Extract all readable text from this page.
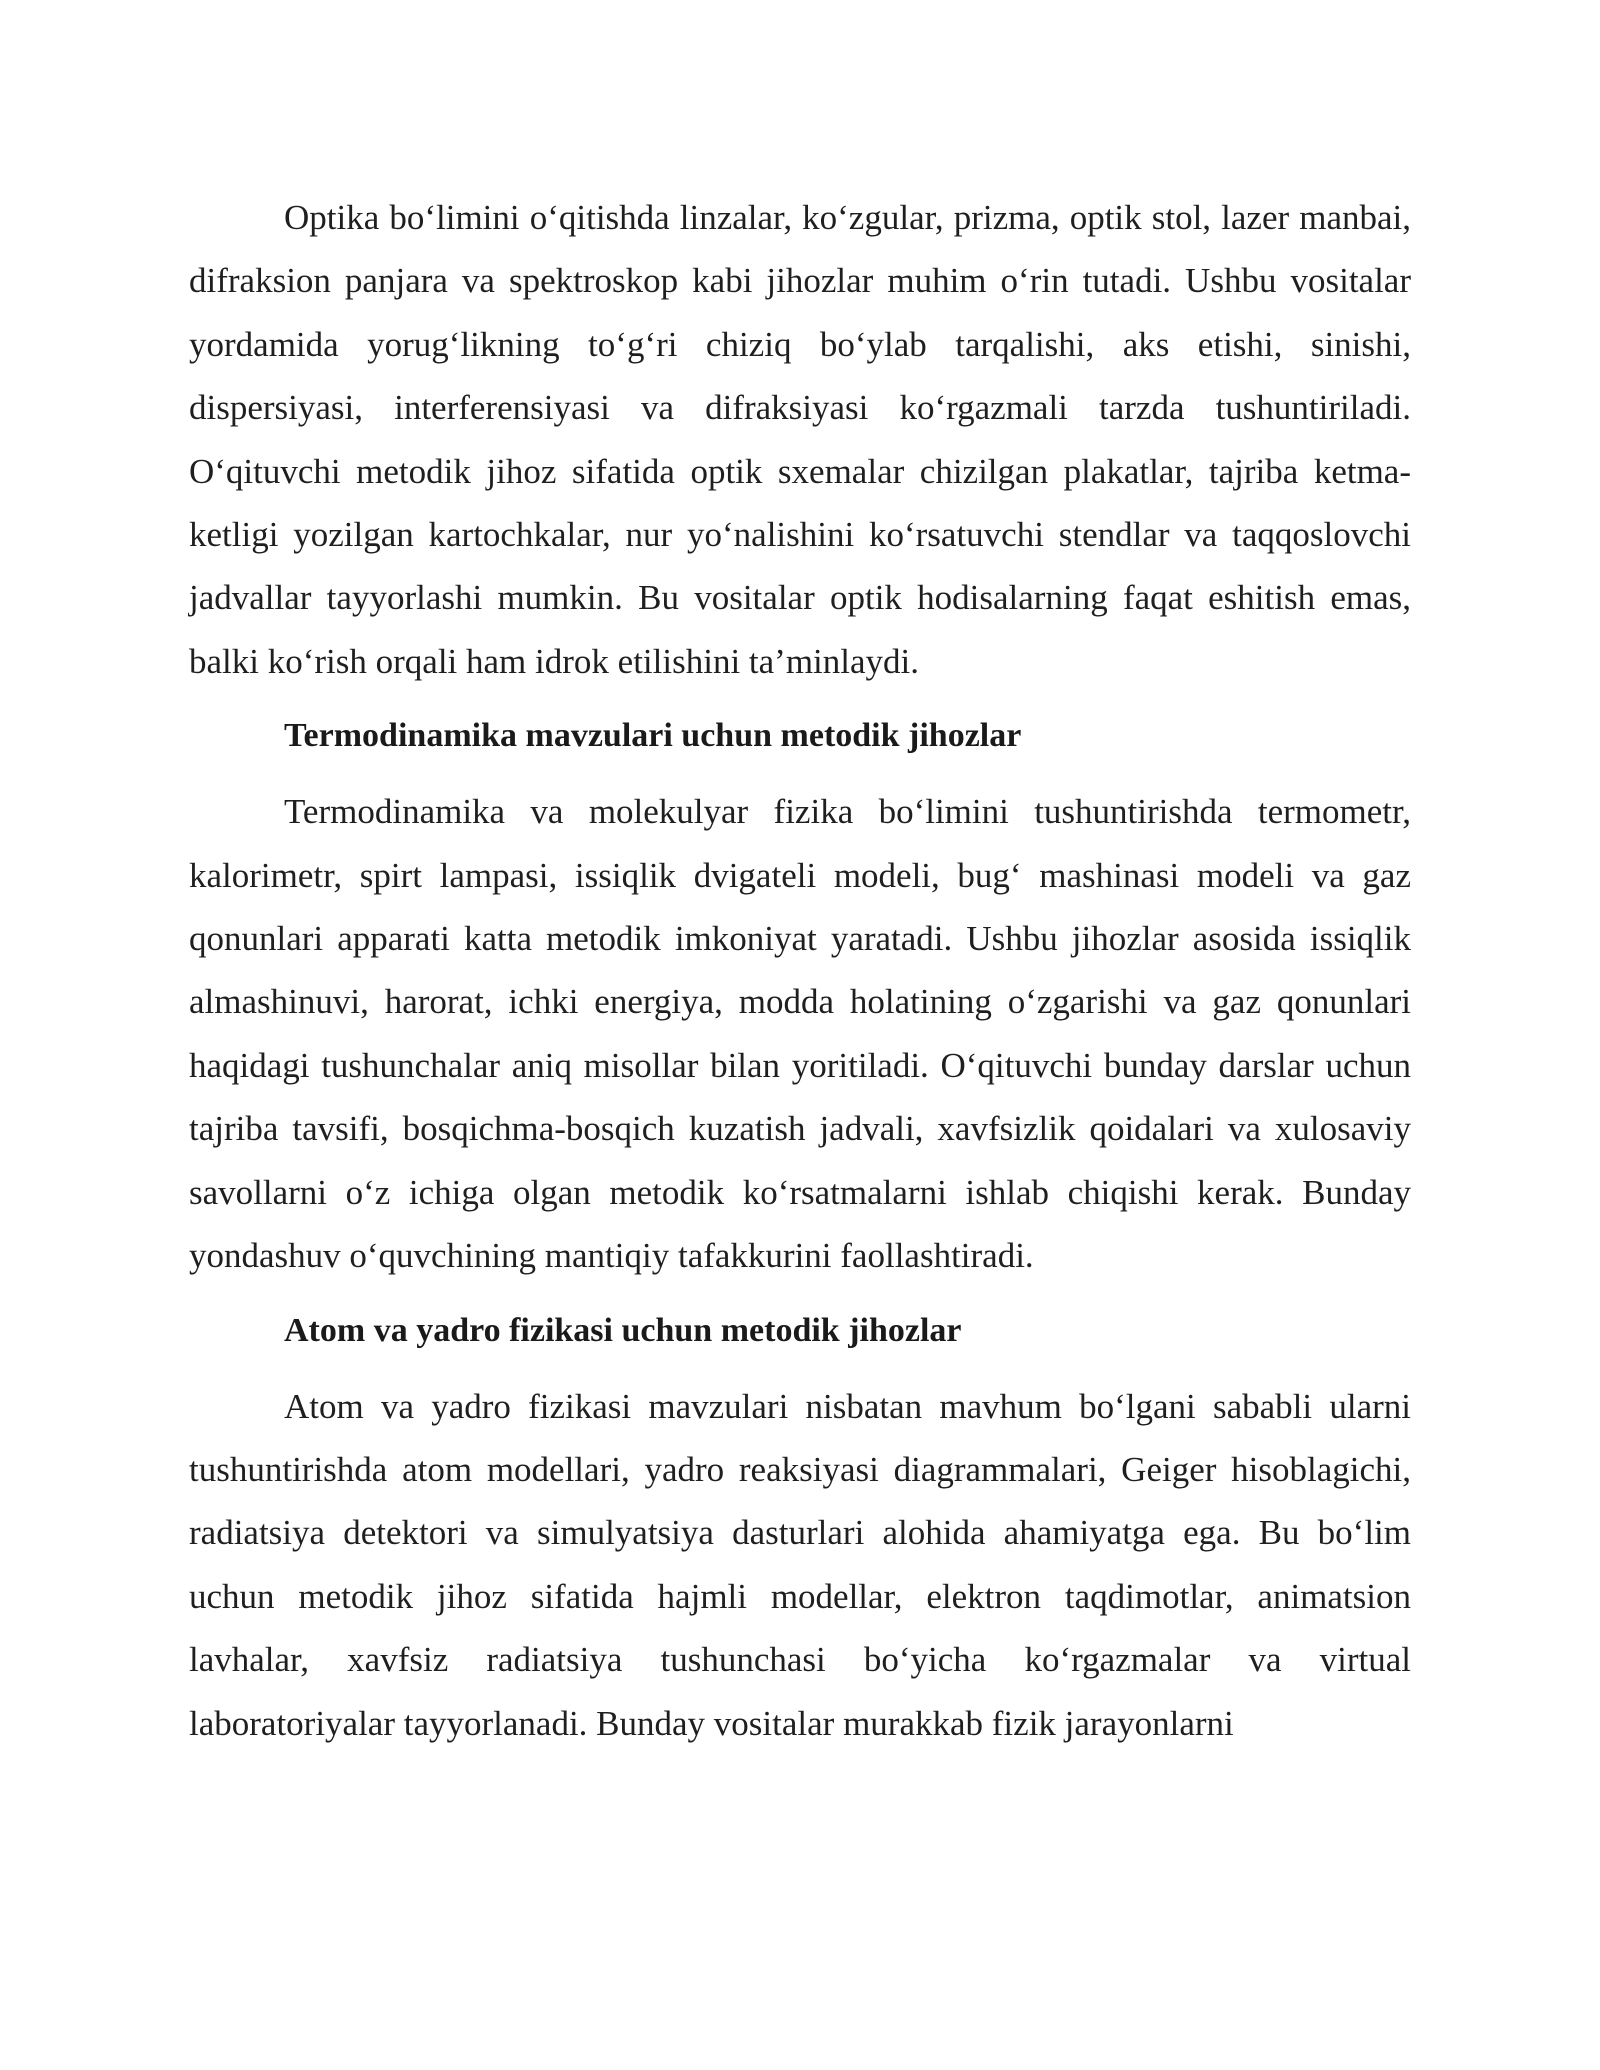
Optika bo‘limini o‘qitishda linzalar, ko‘zgular, prizma, optik stol, lazer manbai, difraksion panjara va spektroskop kabi jihozlar muhim o‘rin tutadi. Ushbu vositalar yordamida yorug‘likning to‘g‘ri chiziq bo‘ylab tarqalishi, aks etishi, sinishi, dispersiyasi, interferensiyasi va difraksiyasi ko‘rgazmali tarzda tushuntiriladi. O‘qituvchi metodik jihoz sifatida optik sxemalar chizilgan plakatlar, tajriba ketma-ketligi yozilgan kartochkalar, nur yo‘nalishini ko‘rsatuvchi stendlar va taqqoslovchi jadvallar tayyorlashi mumkin. Bu vositalar optik hodisalarning faqat eshitish emas, balki ko‘rish orqali ham idrok etilishini ta’minlaydi.

Termodinamika mavzulari uchun metodik jihozlar

Termodinamika va molekulyar fizika bo‘limini tushuntirishda termometr, kalorimetr, spirt lampasi, issiqlik dvigateli modeli, bug‘ mashinasi modeli va gaz qonunlari apparati katta metodik imkoniyat yaratadi. Ushbu jihozlar asosida issiqlik almashinuvi, harorat, ichki energiya, modda holatining o‘zgarishi va gaz qonunlari haqidagi tushunchalar aniq misollar bilan yoritiladi. O‘qituvchi bunday darslar uchun tajriba tavsifi, bosqichma-bosqich kuzatish jadvali, xavfsizlik qoidalari va xulosaviy savollarni o‘z ichiga olgan metodik ko‘rsatmalarni ishlab chiqishi kerak. Bunday yondashuv o‘quvchining mantiqiy tafakkurini faollashtiradi.

Atom va yadro fizikasi uchun metodik jihozlar

Atom va yadro fizikasi mavzulari nisbatan mavhum bo‘lgani sababli ularni tushuntirishda atom modellari, yadro reaksiyasi diagrammalari, Geiger hisoblagichi, radiatsiya detektori va simulyatsiya dasturlari alohida ahamiyatga ega. Bu bo‘lim uchun metodik jihoz sifatida hajmli modellar, elektron taqdimotlar, animatsion lavhalar, xavfsiz radiatsiya tushunchasi bo‘yicha ko‘rgazmalar va virtual laboratoriyalar tayyorlanadi. Bunday vositalar murakkab fizik jarayonlarni
